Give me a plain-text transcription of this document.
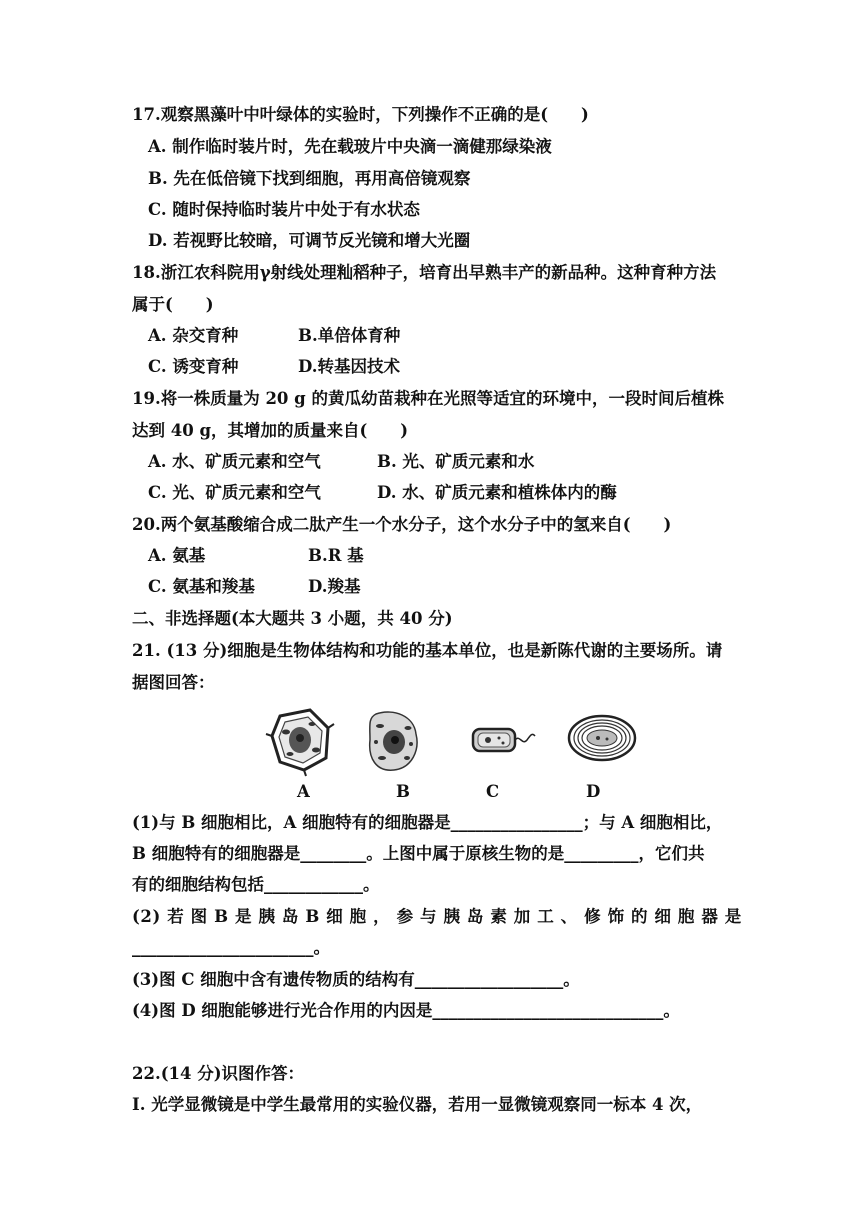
17.观察黑藻叶中叶绿体的实验时，下列操作不正确的是(　　)
A. 制作临时装片时，先在载玻片中央滴一滴健那绿染液
B. 先在低倍镜下找到细胞，再用高倍镜观察
C. 随时保持临时装片中处于有水状态
D. 若视野比较暗，可调节反光镜和增大光圈
18.浙江农科院用γ射线处理籼稻种子，培育出早熟丰产的新品种。这种育种方法
属于(　　)
A. 杂交育种	B.单倍体育种
C. 诱变育种	D.转基因技术
19.将一株质量为 20 g 的黄瓜幼苗栽种在光照等适宜的环境中，一段时间后植株
达到 40 g，其增加的质量来自(　　)
A. 水、矿质元素和空气	B. 光、矿质元素和水
C. 光、矿质元素和空气	D. 水、矿质元素和植株体内的酶
20.两个氨基酸缩合成二肽产生一个水分子，这个水分子中的氢来自(　　)
A. 氨基	B.R 基
C. 氨基和羧基	D.羧基
二、非选择题(本大题共 3 小题，共 40 分)
21. (13 分)细胞是生物体结构和功能的基本单位，也是新陈代谢的主要场所。请
据图回答：
A	B	C	D
(1)与 B 细胞相比，A 细胞特有的细胞器是________________；与 A 细胞相比，
B 细胞特有的细胞器是________。上图中属于原核生物的是_________，它们共
有的细胞结构包括____________。
(2) 若 图 B 是 胰 岛 B 细 胞 ， 参 与 胰 岛 素 加 工 、 修 饰 的 细 胞 器 是
______________________。
(3)图 C 细胞中含有遗传物质的结构有__________________。
(4)图 D 细胞能够进行光合作用的内因是____________________________。
22.(14 分)识图作答：
Ⅰ. 光学显微镜是中学生最常用的实验仪器，若用一显微镜观察同一标本 4 次，
